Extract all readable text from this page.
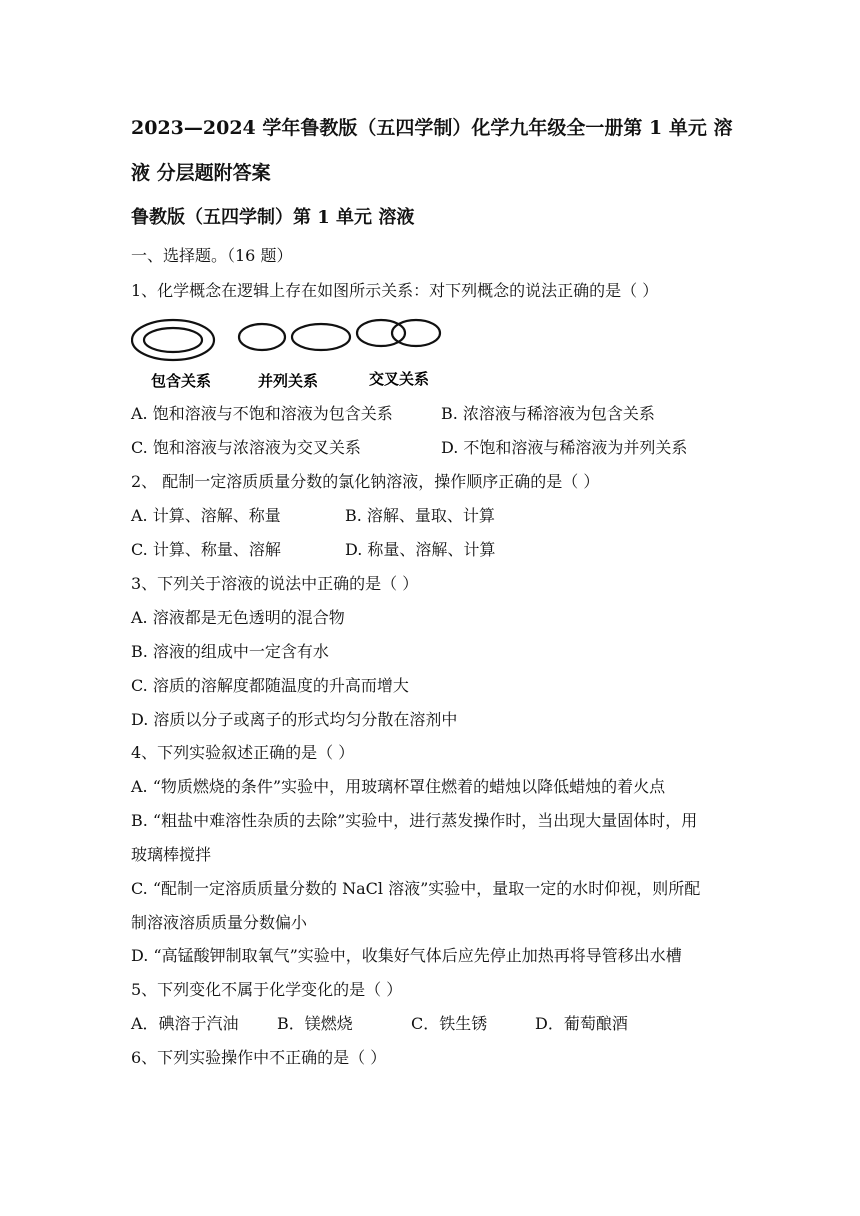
2023—2024 学年鲁教版（五四学制）化学九年级全一册第 1 单元 溶
液 分层题附答案
鲁教版（五四学制）第 1 单元 溶液
一、选择题。（16 题）
1、化学概念在逻辑上存在如图所示关系：对下列概念的说法正确的是（ ）
包含关系	并列关系	交叉关系
A. 饱和溶液与不饱和溶液为包含关系	B. 浓溶液与稀溶液为包含关系
C. 饱和溶液与浓溶液为交叉关系	D. 不饱和溶液与稀溶液为并列关系
2、 配制一定溶质质量分数的氯化钠溶液，操作顺序正确的是（ ）
A. 计算、溶解、称量	B. 溶解、量取、计算
C. 计算、称量、溶解	D. 称量、溶解、计算
3、下列关于溶液的说法中正确的是（ ）
A. 溶液都是无色透明的混合物
B. 溶液的组成中一定含有水
C. 溶质的溶解度都随温度的升高而增大
D. 溶质以分子或离子的形式均匀分散在溶剂中
4、下列实验叙述正确的是（ ）
A. “物质燃烧的条件”实验中，用玻璃杯罩住燃着的蜡烛以降低蜡烛的着火点
B. “粗盐中难溶性杂质的去除”实验中，进行蒸发操作时，当出现大量固体时，用
玻璃棒搅拌
C. “配制一定溶质质量分数的 NaCl 溶液”实验中，量取一定的水时仰视，则所配
制溶液溶质质量分数偏小
D. “高锰酸钾制取氧气”实验中，收集好气体后应先停止加热再将导管移出水槽
5、下列变化不属于化学变化的是（ ）
A．碘溶于汽油 B．镁燃烧	C．铁生锈	D．葡萄酿酒
6、下列实验操作中不正确的是（ ）
